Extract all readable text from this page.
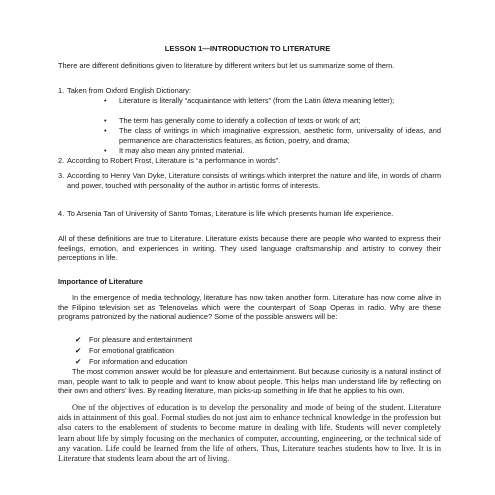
LESSON 1—INTRODUCTION TO LITERATURE

There are different definitions given to literature by different writers but let us summarize some of them.

1. Taken from Oxford English Dictionary:
• Literature is literally “acquaintance with letters” (from the Latin littera meaning letter);
• The term has generally come to identify a collection of texts or work of art;
• The class of writings in which imaginative expression, aesthetic form, universality of ideas, and permanence are characteristics features, as fiction, poetry, and drama;
• It may also mean any printed material.
2. According to Robert Frost, Literature is “a performance in words”.
3. According to Henry Van Dyke, Literature consists of writings which interpret the nature and life, in words of charm and power, touched with personality of the author in artistic forms of interests.
4. To Arsenia Tan of University of Santo Tomas, Literature is life which presents human life experience.

All of these definitions are true to Literature. Literature exists because there are people who wanted to express their feelings, emotion, and experiences in writing. They used language craftsmanship and artistry to convey their perceptions in life.

Importance of Literature

In the emergence of media technology, literature has now taken another form. Literature has now come alive in the Filipino television set as Telenovelas which were the counterpart of Soap Operas in radio. Why are these programs patronized by the national audience? Some of the possible answers will be:

✔ For pleasure and entertainment
✔ For emotional gratification
✔ For information and education

The most common answer would be for pleasure and entertainment. But because curiosity is a natural instinct of man, people want to talk to people and want to know about people. This helps man understand life by reflecting on their own and others’ lives. By reading literature, man picks-up something in life that he applies to his own.

One of the objectives of education is to develop the personality and mode of being of the student. Literature aids in attainment of this goal. Formal studies do not just aim to enhance technical knowledge in the profession but also caters to the enablement of students to become mature in dealing with life. Students will never completely learn about life by simply focusing on the mechanics of computer, accounting, engineering, or the technical side of any vacation. Life could be learned from the life of others. Thus, Literature teaches students how to live. It is in Literature that students learn about the art of living.
